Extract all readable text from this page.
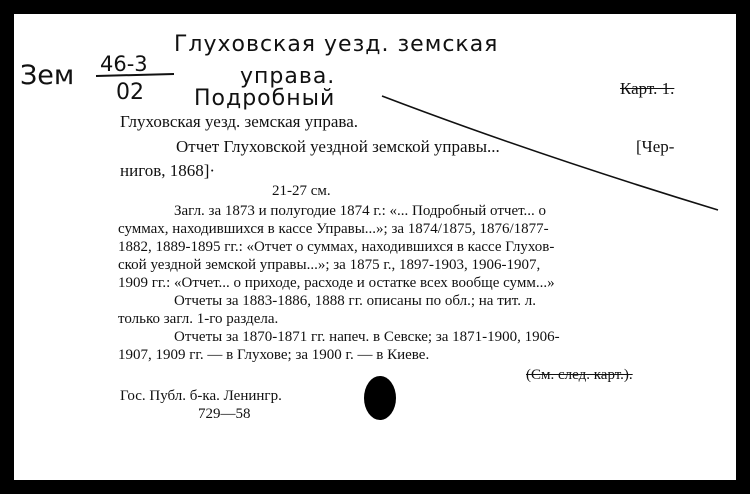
Зем 46-3
02
Глуховская уезд. земская
управа.
Подробный	Карт. 1.
Глуховская уезд. земская управа.
Отчет Глуховской уездной земской управы...	[Чер-
нигов, 1868]·
21-27 см.
Загл. за 1873 и полугодие 1874 г.: «... Подробный отчет... о
суммах, находившихся в кассе Управы...»; за 1874/1875, 1876/1877-
1882, 1889-1895 гг.: «Отчет о суммах, находившихся в кассе Глухов-
ской уездной земской управы...»; за 1875 г., 1897-1903, 1906-1907,
1909 гг.: «Отчет... о приходе, расходе и остатке всех вообще сумм...»
Отчеты за 1883-1886, 1888 гг. описаны по обл.; на тит. л.
только загл. 1-го раздела.
Отчеты за 1870-1871 гг. напеч. в Севске; за 1871-1900, 1906-
1907, 1909 гг. — в Глухове; за 1900 г. — в Киеве.
(См. след. карт.).
Гос. Публ. б-ка. Ленингр.
729—58
